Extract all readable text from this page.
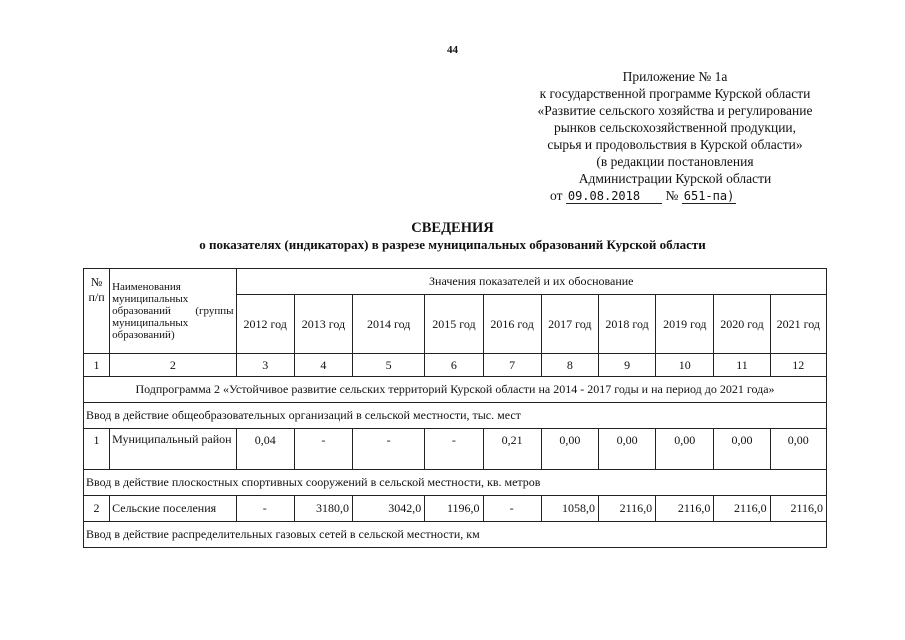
44
Приложение № 1а
к государственной программе Курской области
«Развитие сельского хозяйства и регулирование
рынков сельскохозяйственной продукции,
сырья и продовольствия в Курской области»
(в редакции постановления
Администрации Курской области
от 09.08.2018 № 651-па)
СВЕДЕНИЯ
о показателях (индикаторах) в разрезе муниципальных образований Курской области
№ п/п	Наименования муниципальных образований (группы муниципальных образований)	Значения показателей и их обоснование									
		2012 год	2013 год	2014 год	2015 год	2016 год	2017 год	2018 год	2019 год	2020 год	2021 год
1	2	3	4	5	6	7	8	9	10	11	12
Подпрограмма 2 «Устойчивое развитие сельских территорий Курской области на 2014 - 2017 годы и на период до 2021 года»											
Ввод в действие общеобразовательных организаций в сельской местности, тыс. мест											
1	Муниципальный район	0,04	-	-	-	0,21	0,00	0,00	0,00	0,00	0,00
Ввод в действие плоскостных спортивных сооружений в сельской местности, кв. метров											
2	Сельские поселения	-	3180,0	3042,0	1196,0	-	1058,0	2116,0	2116,0	2116,0	2116,0
Ввод в действие распределительных газовых сетей в сельской местности, км											
